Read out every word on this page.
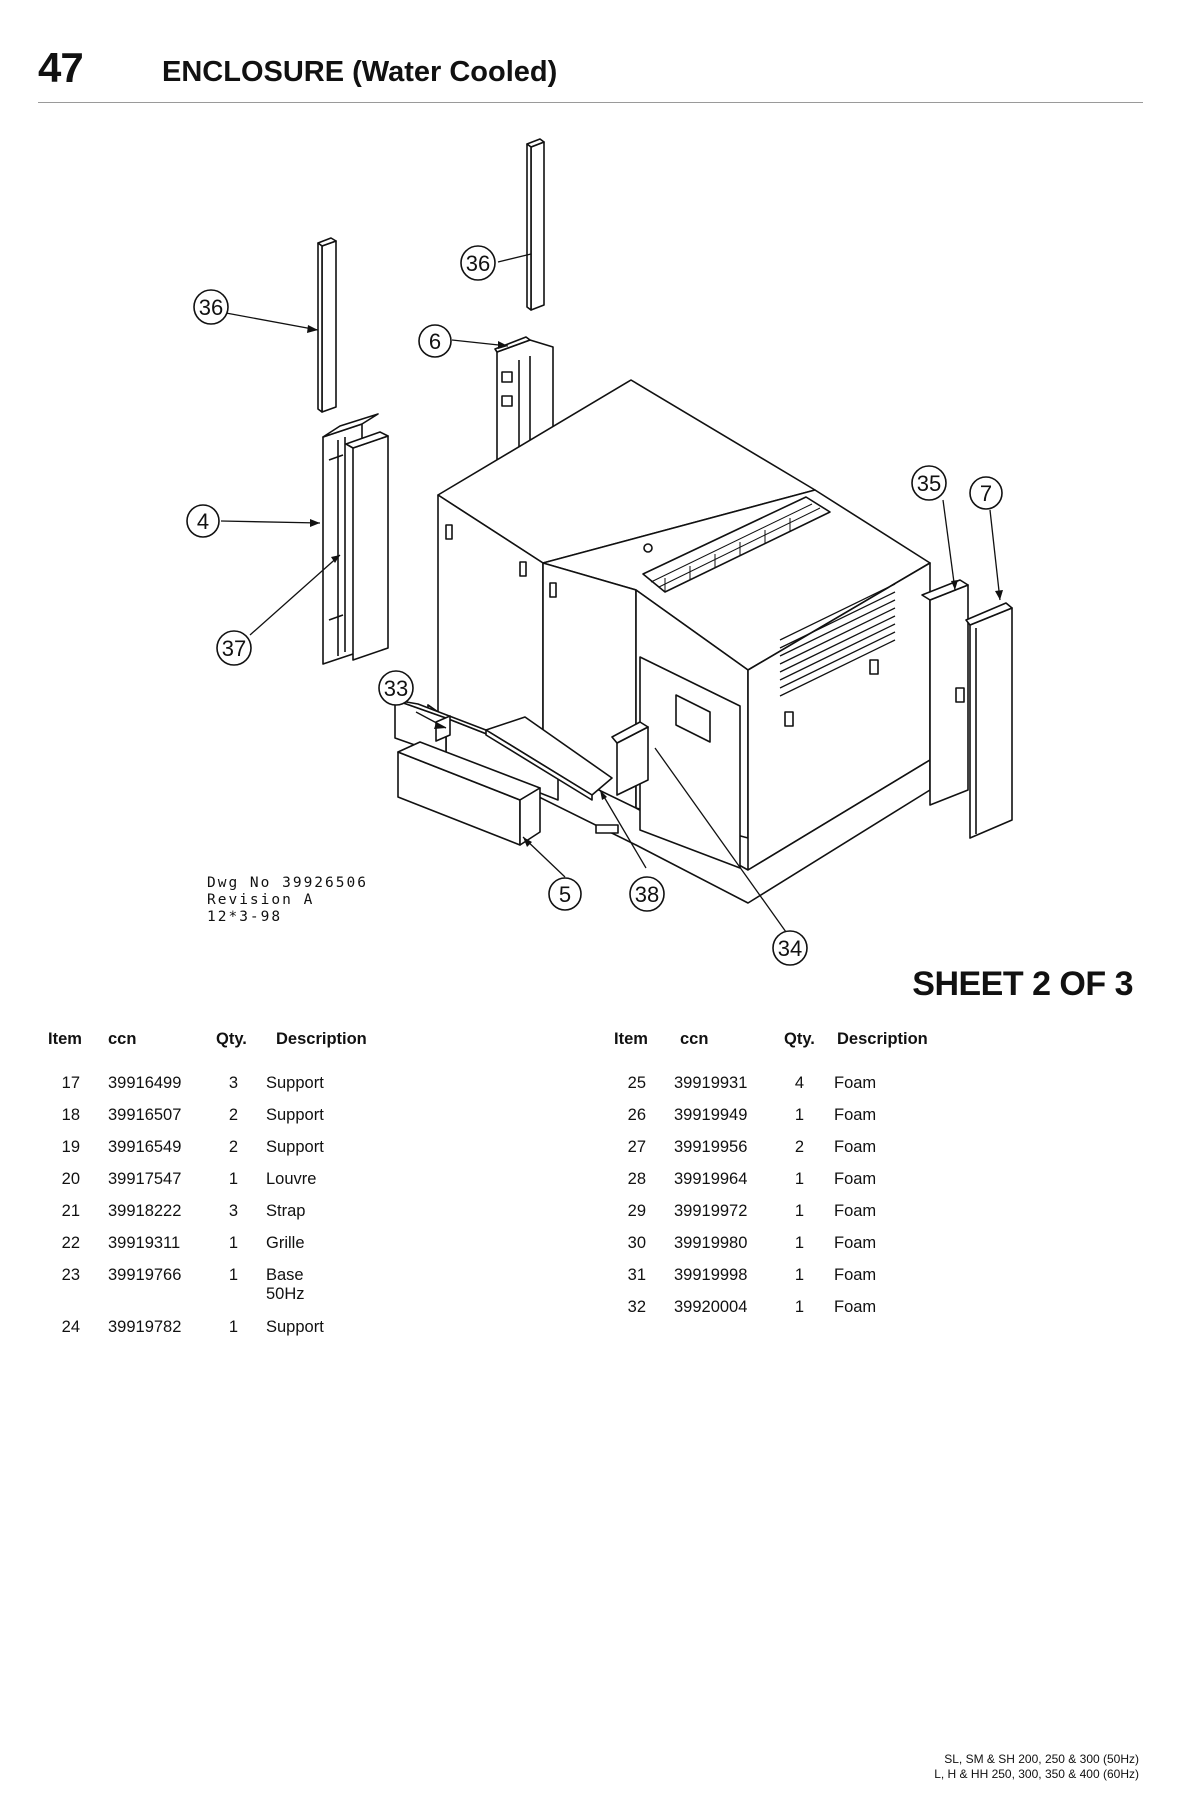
47	ENCLOSURE (Water Cooled)
36
36
6
4
37
33
5	38
34
35 7
Dwg No 39926506
Revision A
12*3-98
SHEET 2 OF 3
Item ccn	Qty. Description
17 39916499	3 Support
18 39916507	2 Support
19 39916549	2 Support
20 39917547	1 Louvre
21 39918222	3 Strap
22 39919311	1 Grille
23 39919766	1 Base
50Hz
24 39919782	1 Support
Item ccn	Qty. Description
25 39919931	4 Foam
26 39919949	1 Foam
27 39919956	2 Foam
28 39919964	1 Foam
29 39919972	1 Foam
30 39919980	1 Foam
31 39919998	1 Foam
32 39920004	1 Foam
SL, SM & SH 200, 250 & 300 (50Hz)
L, H & HH 250, 300, 350 & 400 (60Hz)
